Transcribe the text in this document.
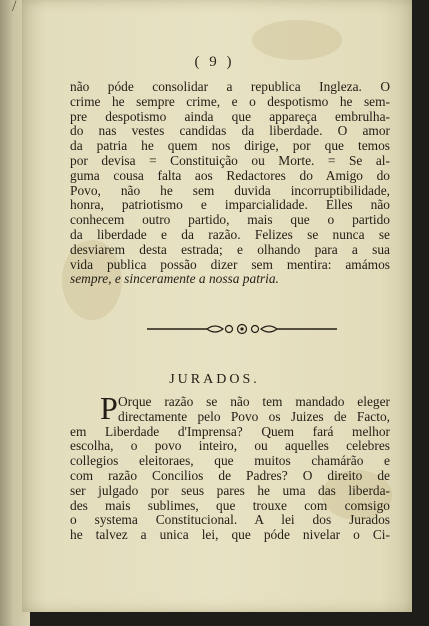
/
( 9 )
não póde consolidar a republica Ingleza. O
crime he sempre crime, e o despotismo he sem-
pre despotismo ainda que appareça embrulha-
do nas vestes candidas da liberdade. O amor
da patria he quem nos dirige, por que temos
por devisa = Constituição ou Morte. = Se al-
guma cousa falta aos Redactores do Amigo do
Povo, não he sem duvida incorruptibilidade,
honra, patriotismo e imparcialidade. Elles não
conhecem outro partido, mais que o partido
da liberdade e da razão. Felizes se nunca se
desviarem desta estrada; e olhando para a sua
vida publica possão dizer sem mentira: amámos
sempre, e sinceramente a nossa patria.
JURADOS.
P Orque razão se não tem mandado eleger
directamente pelo Povo os Juizes de Facto,
em Liberdade d'Imprensa? Quem fará melhor
escolha, o povo inteiro, ou aquelles celebres
collegios eleitoraes, que muitos chamárão e
com razão Concilios de Padres? O direito de
ser julgado por seus pares he uma das liberda-
des mais sublimes, que trouxe com comsigo
o systema Constitucional. A lei dos Jurados
he talvez a unica lei, que póde nivelar o Ci-
